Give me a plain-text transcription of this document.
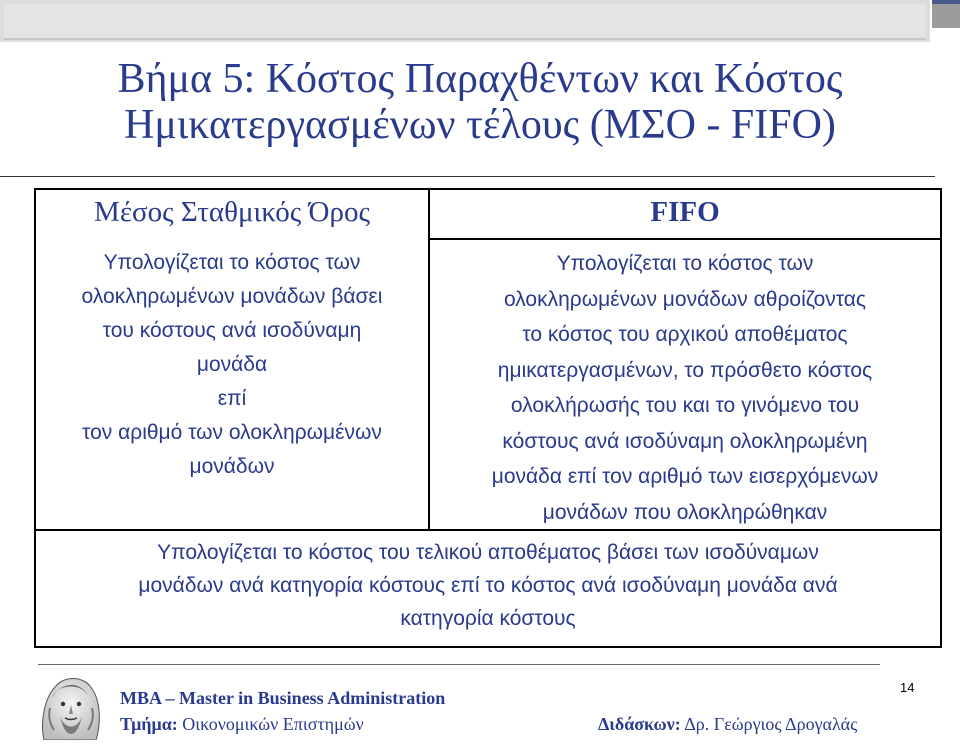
Βήμα 5: Κόστος Παραχθέντων και Κόστος
Ημικατεργασμένων τέλους (ΜΣΟ - FIFO)
Μέσος Σταθμικός Όρος	FIFO
Υπολογίζεται το κόστος των
ολοκληρωμένων μονάδων βάσει
του κόστους ανά ισοδύναμη
μονάδα
επί
τον αριθμό των ολοκληρωμένων
μονάδων
Υπολογίζεται το κόστος των
ολοκληρωμένων μονάδων αθροίζοντας
το κόστος του αρχικού αποθέματος
ημικατεργασμένων, το πρόσθετο κόστος
ολοκλήρωσής του και το γινόμενο του
κόστους ανά ισοδύναμη ολοκληρωμένη
μονάδα επί τον αριθμό των εισερχόμενων
μονάδων που ολοκληρώθηκαν
Υπολογίζεται το κόστος του τελικού αποθέματος βάσει των ισοδύναμων
μονάδων ανά κατηγορία κόστους επί το κόστος ανά ισοδύναμη μονάδα ανά
κατηγορία κόστους
MBA – Master in Business Administration
Τμήμα: Οικονομικών Επιστημών	Διδάσκων: Δρ. Γεώργιος Δρογαλάς
14
